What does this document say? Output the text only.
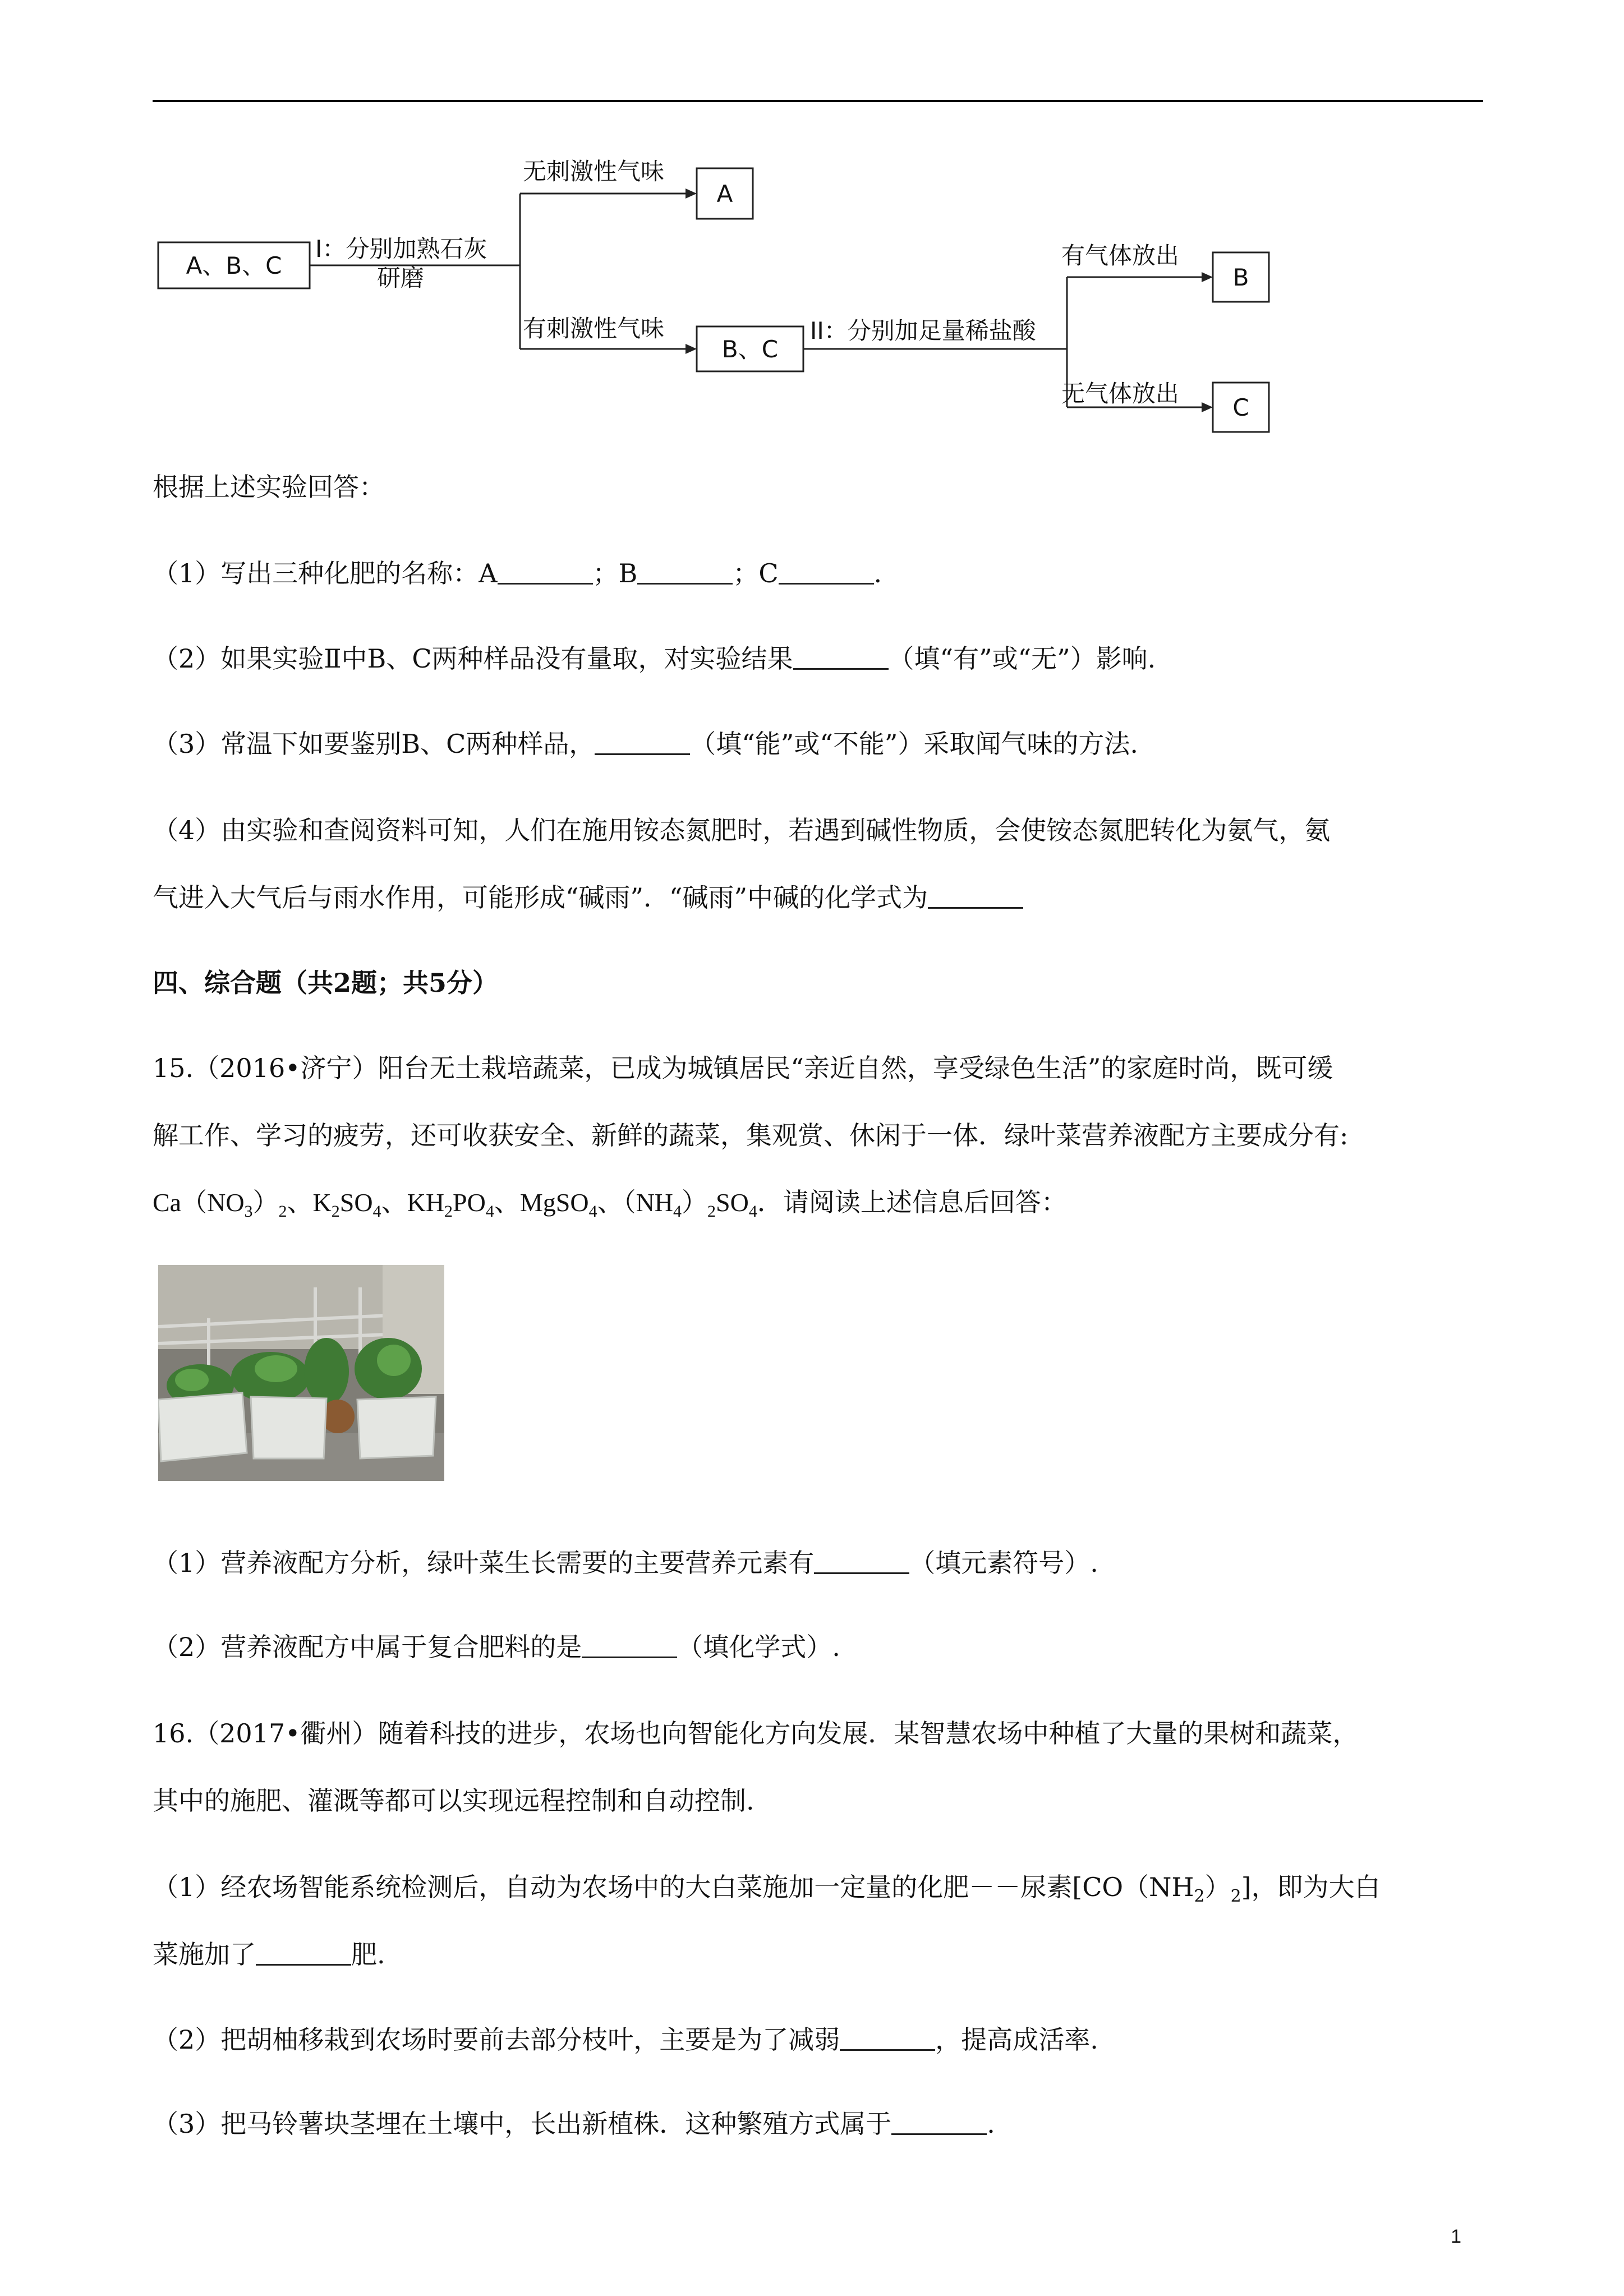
A、B、C
I：分别加熟石灰
研磨
无刺激性气味
A
有刺激性气味
B、C
II：分别加足量稀盐酸
有气体放出
B
无气体放出
C
根据上述实验回答：
（1）写出三种化肥的名称：A	；B	；C	.
（2）如果实验Ⅱ中B、C两种样品没有量取，对实验结果	（填“有”或“无”）影响.
（3）常温下如要鉴别B、C两种样品，	（填“能”或“不能”）采取闻气味的方法.
（4）由实验和查阅资料可知，人们在施用铵态氮肥时，若遇到碱性物质，会使铵态氮肥转化为氨气，氨
气进入大气后与雨水作用，可能形成“碱雨”．“碱雨”中碱的化学式为
四、综合题（共2题；共5分）
15.（2016•济宁）阳台无土栽培蔬菜，已成为城镇居民“亲近自然，享受绿色生活”的家庭时尚，既可缓
解工作、学习的疲劳，还可收获安全、新鲜的蔬菜，集观赏、休闲于一体．绿叶菜营养液配方主要成分有:
$Ca(NO_3)_2$、$K_2SO_4$、$KH_2PO_4$、MgSO$_4$、$(NH_4)_2SO_4$．请阅读上述信息后回答：
（1）营养液配方分析，绿叶菜生长需要的主要营养元素有	（填元素符号）.
（2）营养液配方中属于复合肥料的是	（填化学式）.
16.（2017•衢州）随着科技的进步，农场也向智能化方向发展．某智慧农场中种植了大量的果树和蔬菜，
其中的施肥、灌溉等都可以实现远程控制和自动控制.
（1）经农场智能系统检测后，自动为农场中的大白菜施加一定量的化肥－－尿素$[CO(NH_2)_2]$，即为大白
菜施加了	肥.
（2）把胡柚移栽到农场时要前去部分枝叶，主要是为了减弱	，提高成活率.
（3）把马铃薯块茎埋在土壤中，长出新植株．这种繁殖方式属于	.
1
